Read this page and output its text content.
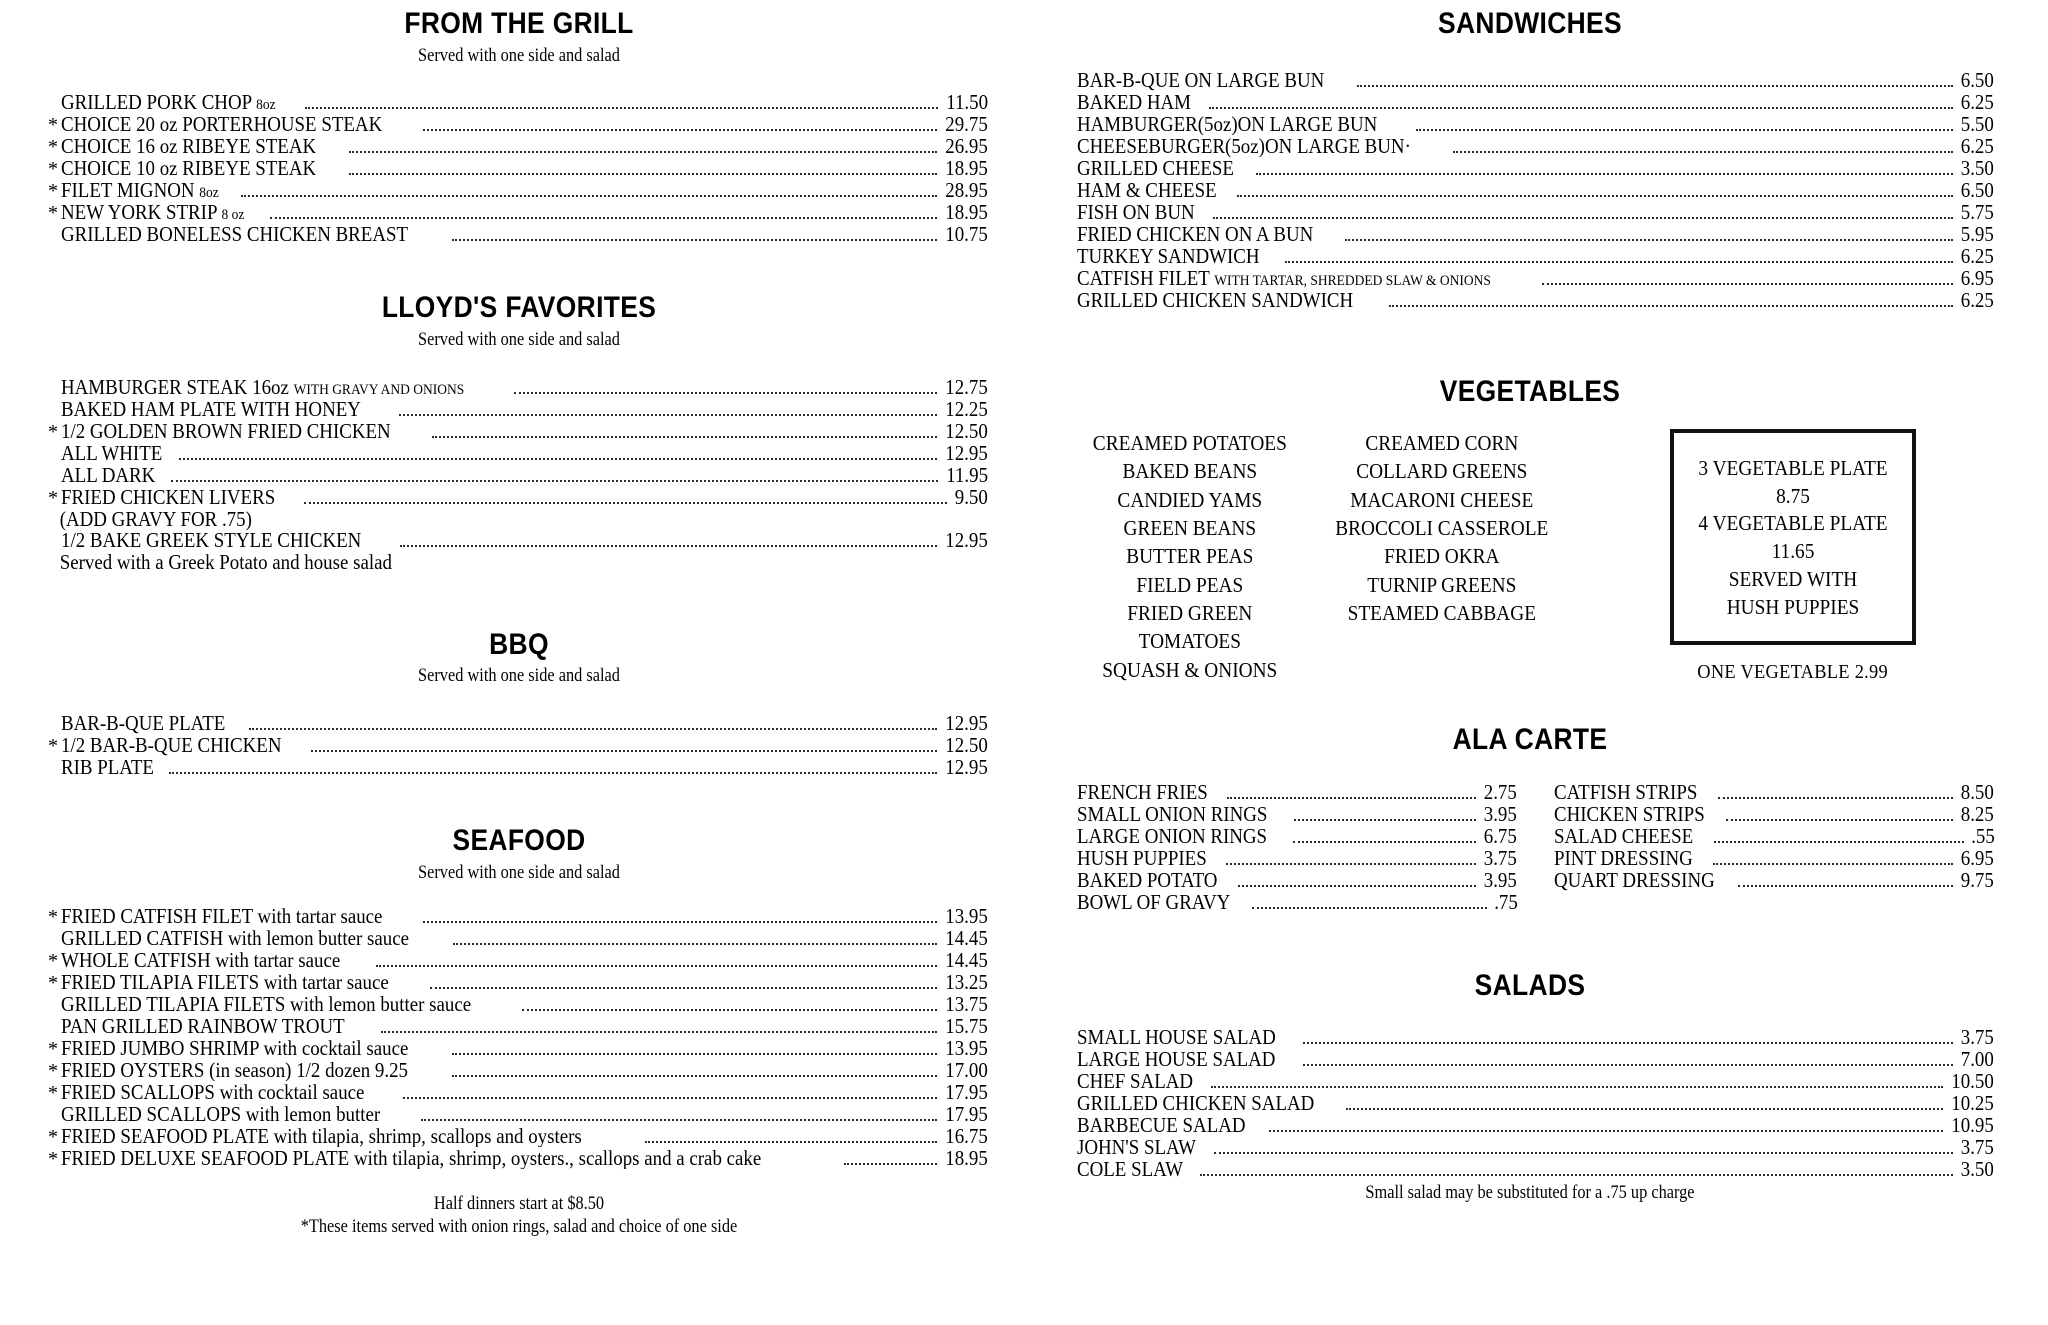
FROM THE GRILL
Served with one side and salad
GRILLED PORK CHOP 8oz	11.50
* CHOICE 20 oz PORTERHOUSE STEAK	29.75
* CHOICE 16 oz RIBEYE STEAK	26.95
* CHOICE 10 oz RIBEYE STEAK	18.95
* FILET MIGNON 8oz	28.95
* NEW YORK STRIP 8 oz	18.95
GRILLED BONELESS CHICKEN BREAST	10.75
LLOYD'S FAVORITES
Served with one side and salad
HAMBURGER STEAK 16oz WITH GRAVY AND ONIONS	12.75
BAKED HAM PLATE WITH HONEY	12.25
* 1/2 GOLDEN BROWN FRIED CHICKEN	12.50
ALL WHITE	12.95
ALL DARK	11.95
* FRIED CHICKEN LIVERS	9.50
(ADD GRAVY FOR .75)
1/2 BAKE GREEK STYLE CHICKEN	12.95
Served with a Greek Potato and house salad
BBQ
Served with one side and salad
BAR-B-QUE PLATE	12.95
* 1/2 BAR-B-QUE CHICKEN	12.50
RIB PLATE	12.95
SEAFOOD
Served with one side and salad
* FRIED CATFISH FILET with tartar sauce	13.95
GRILLED CATFISH with lemon butter sauce	14.45
* WHOLE CATFISH with tartar sauce	14.45
* FRIED TILAPIA FILETS with tartar sauce	13.25
GRILLED TILAPIA FILETS with lemon butter sauce	13.75
PAN GRILLED RAINBOW TROUT	15.75
* FRIED JUMBO SHRIMP with cocktail sauce	13.95
* FRIED OYSTERS (in season) 1/2 dozen 9.25	17.00
* FRIED SCALLOPS with cocktail sauce	17.95
GRILLED SCALLOPS with lemon butter	17.95
* FRIED SEAFOOD PLATE with tilapia, shrimp, scallops and oysters	16.75
* FRIED DELUXE SEAFOOD PLATE with tilapia, shrimp, oysters., scallops and a crab cake	18.95
Half dinners start at $8.50
*These items served with onion rings, salad and choice of one side
SANDWICHES
BAR-B-QUE ON LARGE BUN	6.50
BAKED HAM	6.25
HAMBURGER(5oz)ON LARGE BUN	5.50
CHEESEBURGER(5oz)ON LARGE BUN·	6.25
GRILLED CHEESE	3.50
HAM & CHEESE	6.50
FISH ON BUN	5.75
FRIED CHICKEN ON A BUN	5.95
TURKEY SANDWICH	6.25
CATFISH FILET WITH TARTAR, SHREDDED SLAW & ONIONS	6.95
GRILLED CHICKEN SANDWICH	6.25
VEGETABLES
CREAMED POTATOES
BAKED BEANS
CANDIED YAMS
GREEN BEANS
BUTTER PEAS
FIELD PEAS
FRIED GREEN TOMATOES
SQUASH & ONIONS
CREAMED CORN
COLLARD GREENS
MACARONI CHEESE
BROCCOLI CASSEROLE
FRIED OKRA
TURNIP GREENS
STEAMED CABBAGE
3 VEGETABLE PLATE
8.75
4 VEGETABLE PLATE
11.65
SERVED WITH
HUSH PUPPIES
ONE VEGETABLE 2.99
ALA CARTE
FRENCH FRIES	2.75
SMALL ONION RINGS	3.95
LARGE ONION RINGS	6.75
HUSH PUPPIES	3.75
BAKED POTATO	3.95
BOWL OF GRAVY	.75
CATFISH STRIPS	8.50
CHICKEN STRIPS	8.25
SALAD CHEESE	.55
PINT DRESSING	6.95
QUART DRESSING	9.75
SALADS
SMALL HOUSE SALAD	3.75
LARGE HOUSE SALAD	7.00
CHEF SALAD	10.50
GRILLED CHICKEN SALAD	10.25
BARBECUE SALAD	10.95
JOHN'S SLAW	3.75
COLE SLAW	3.50
Small salad may be substituted for a .75 up charge
